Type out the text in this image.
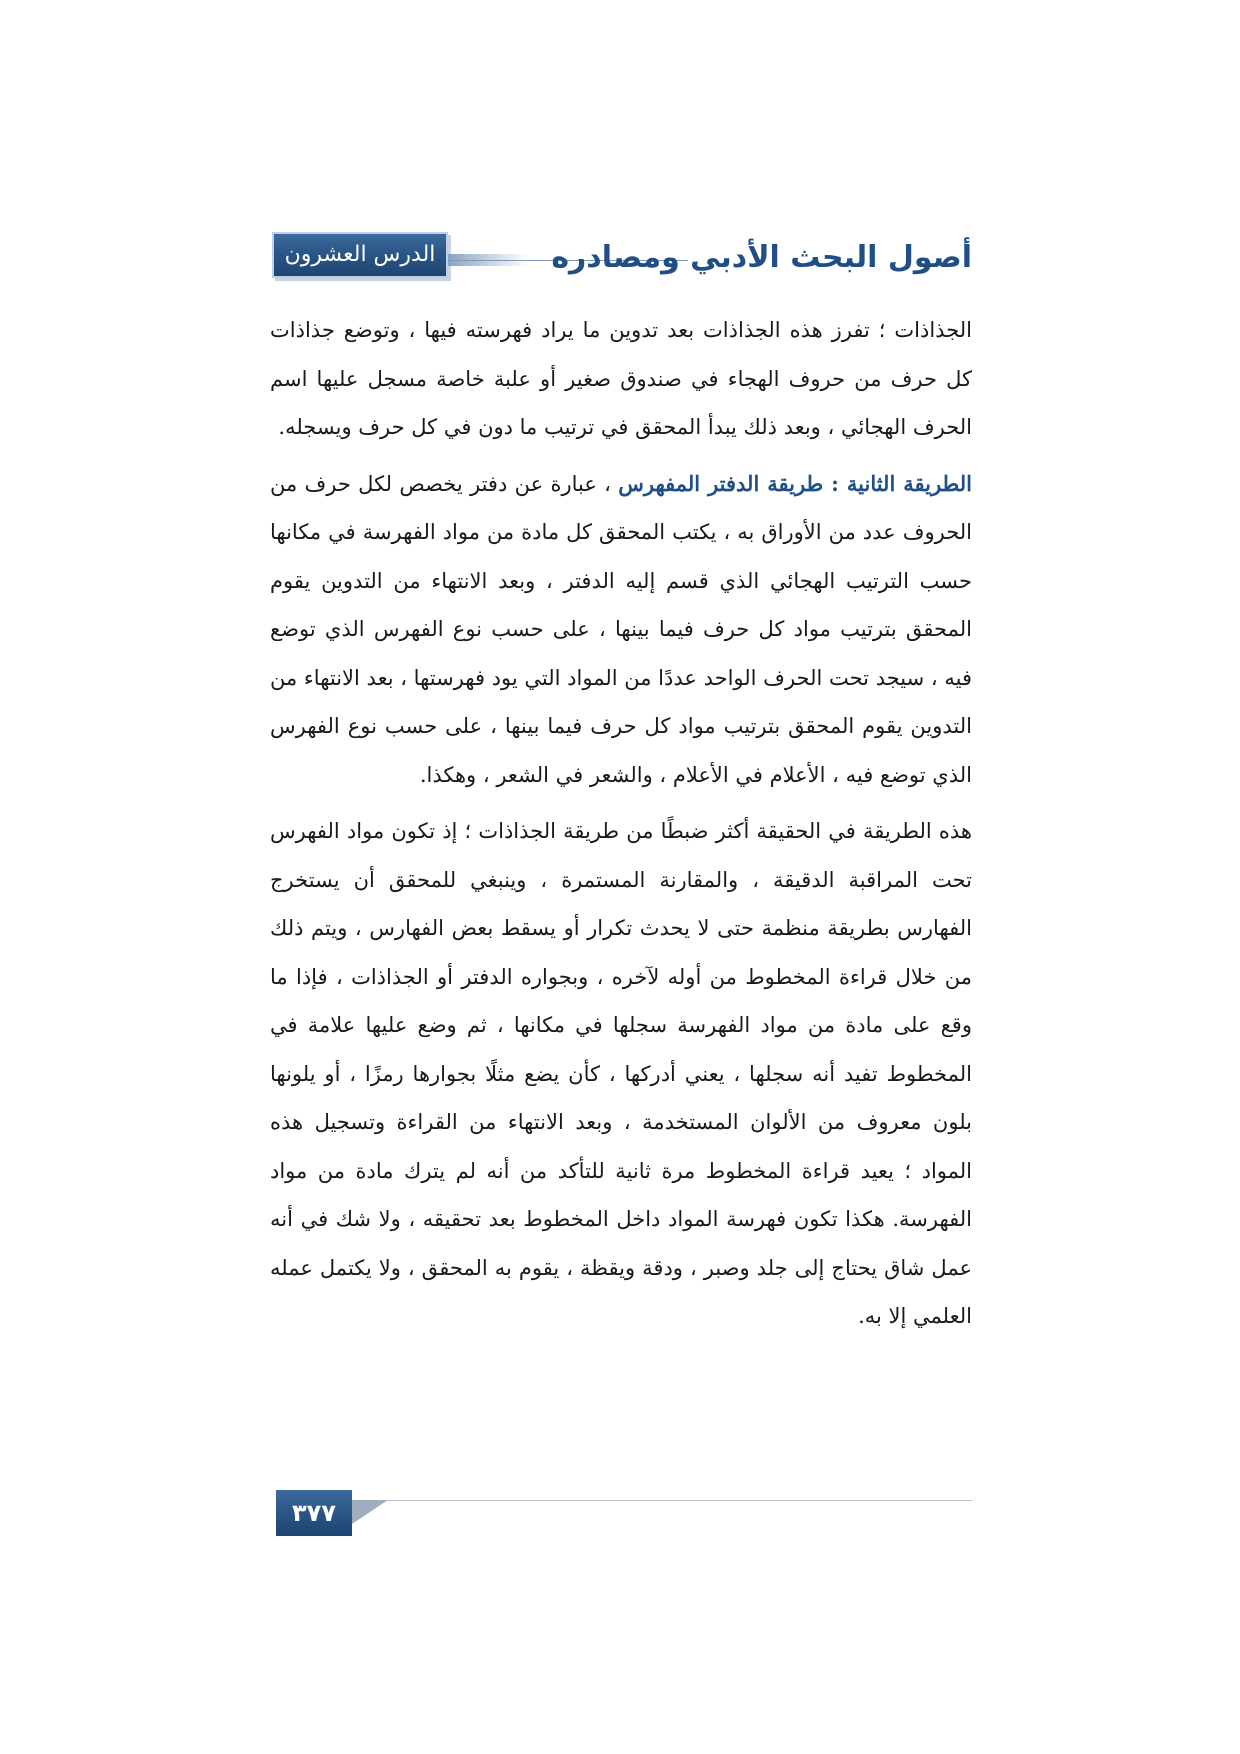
الدرس العشرون	أصول البحث الأدبي ومصادره

الجذاذات ؛ تفرز هذه الجذاذات بعد تدوين ما يراد فهرسته فيها ، وتوضع جذاذات كل حرف من حروف الهجاء في صندوق صغير أو علبة خاصة مسجل عليها اسم الحرف الهجائي ، وبعد ذلك يبدأ المحقق في ترتيب ما دون في كل حرف ويسجله.

الطريقة الثانية : طريقة الدفتر المفهرس ، عبارة عن دفتر يخصص لكل حرف من الحروف عدد من الأوراق به ، يكتب المحقق كل مادة من مواد الفهرسة في مكانها حسب الترتيب الهجائي الذي قسم إليه الدفتر ، وبعد الانتهاء من التدوين يقوم المحقق بترتيب مواد كل حرف فيما بينها ، على حسب نوع الفهرس الذي توضع فيه ، سيجد تحت الحرف الواحد عددًا من المواد التي يود فهرستها ، بعد الانتهاء من التدوين يقوم المحقق بترتيب مواد كل حرف فيما بينها ، على حسب نوع الفهرس الذي توضع فيه ، الأعلام في الأعلام ، والشعر في الشعر ، وهكذا.

هذه الطريقة في الحقيقة أكثر ضبطًا من طريقة الجذاذات ؛ إذ تكون مواد الفهرس تحت المراقبة الدقيقة ، والمقارنة المستمرة ، وينبغي للمحقق أن يستخرج الفهارس بطريقة منظمة حتى لا يحدث تكرار أو يسقط بعض الفهارس ، ويتم ذلك من خلال قراءة المخطوط من أوله لآخره ، وبجواره الدفتر أو الجذاذات ، فإذا ما وقع على مادة من مواد الفهرسة سجلها في مكانها ، ثم وضع عليها علامة في المخطوط تفيد أنه سجلها ، يعني أدركها ، كأن يضع مثلًا بجوارها رمزًا ، أو يلونها بلون معروف من الألوان المستخدمة ، وبعد الانتهاء من القراءة وتسجيل هذه المواد ؛ يعيد قراءة المخطوط مرة ثانية للتأكد من أنه لم يترك مادة من مواد الفهرسة. هكذا تكون فهرسة المواد داخل المخطوط بعد تحقيقه ، ولا شك في أنه عمل شاق يحتاج إلى جلد وصبر ، ودقة ويقظة ، يقوم به المحقق ، ولا يكتمل عمله العلمي إلا به.

٣٧٧
